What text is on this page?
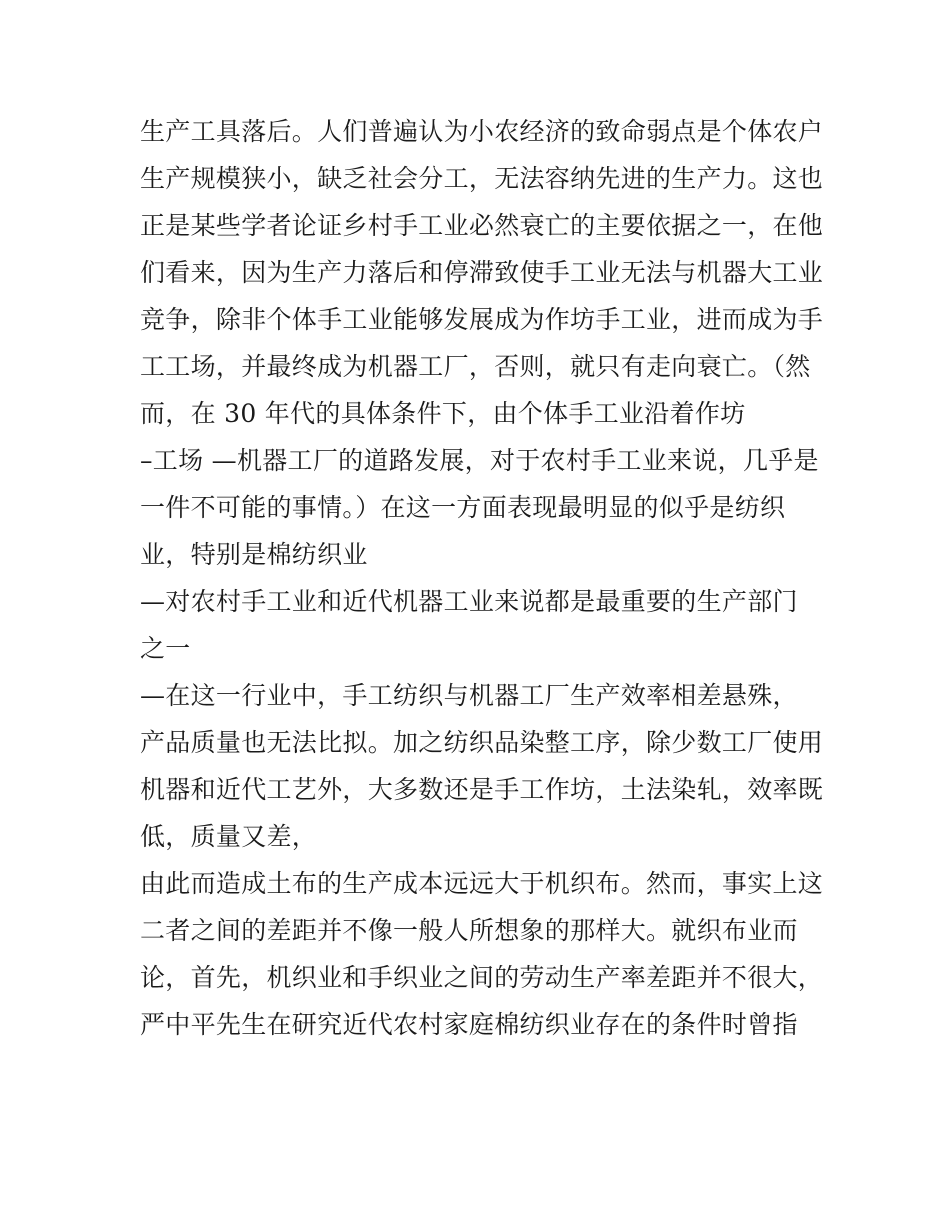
生产工具落后。人们普遍认为小农经济的致命弱点是个体农户
生产规模狭小，缺乏社会分工，无法容纳先进的生产力。这也
正是某些学者论证乡村手工业必然衰亡的主要依据之一，在他
们看来，因为生产力落后和停滞致使手工业无法与机器大工业
竞争，除非个体手工业能够发展成为作坊手工业，进而成为手
工工场，并最终成为机器工厂，否则，就只有走向衰亡。（然
而，在 30 年代的具体条件下，由个体手工业沿着作坊
–工场 —机器工厂的道路发展，对于农村手工业来说，几乎是
一件不可能的事情。）在这一方面表现最明显的似乎是纺织
业，特别是棉纺织业
—对农村手工业和近代机器工业来说都是最重要的生产部门
之一
—在这一行业中，手工纺织与机器工厂生产效率相差悬殊，
产品质量也无法比拟。加之纺织品染整工序，除少数工厂使用
机器和近代工艺外，大多数还是手工作坊，土法染轧，效率既
低，质量又差，
由此而造成土布的生产成本远远大于机织布。然而，事实上这
二者之间的差距并不像一般人所想象的那样大。就织布业而
论，首先，机织业和手织业之间的劳动生产率差距并不很大，
严中平先生在研究近代农村家庭棉纺织业存在的条件时曾指
